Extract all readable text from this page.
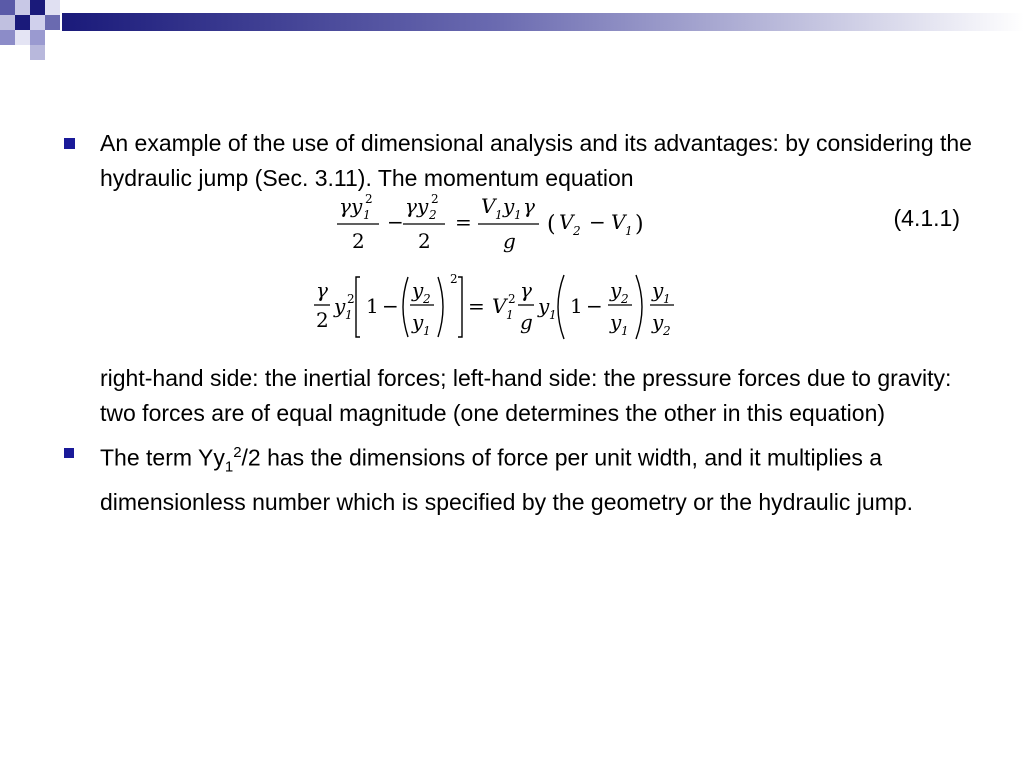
An example of the use of dimensional analysis and its advantages: by considering the hydraulic jump (Sec. 3.11). The momentum equation
γy 1
2
2
−
γy 2
2
2
=
V 1 y 1 γ
g
( V 2 − V 1 )	(4.1.1)
γ
2
y 1
2 1 −
y 2
y 1
2
= V 1
2 γ
g
y 1 1 −
y 2
y 1
y 1
y 2
right-hand side: the inertial forces; left-hand side: the pressure forces due to gravity: two forces are of equal magnitude (one determines the other in this equation)
The term $Yy_1^2/2$ has the dimensions of force per unit width, and it multiplies a dimensionless number which is specified by the geometry or the hydraulic jump.
